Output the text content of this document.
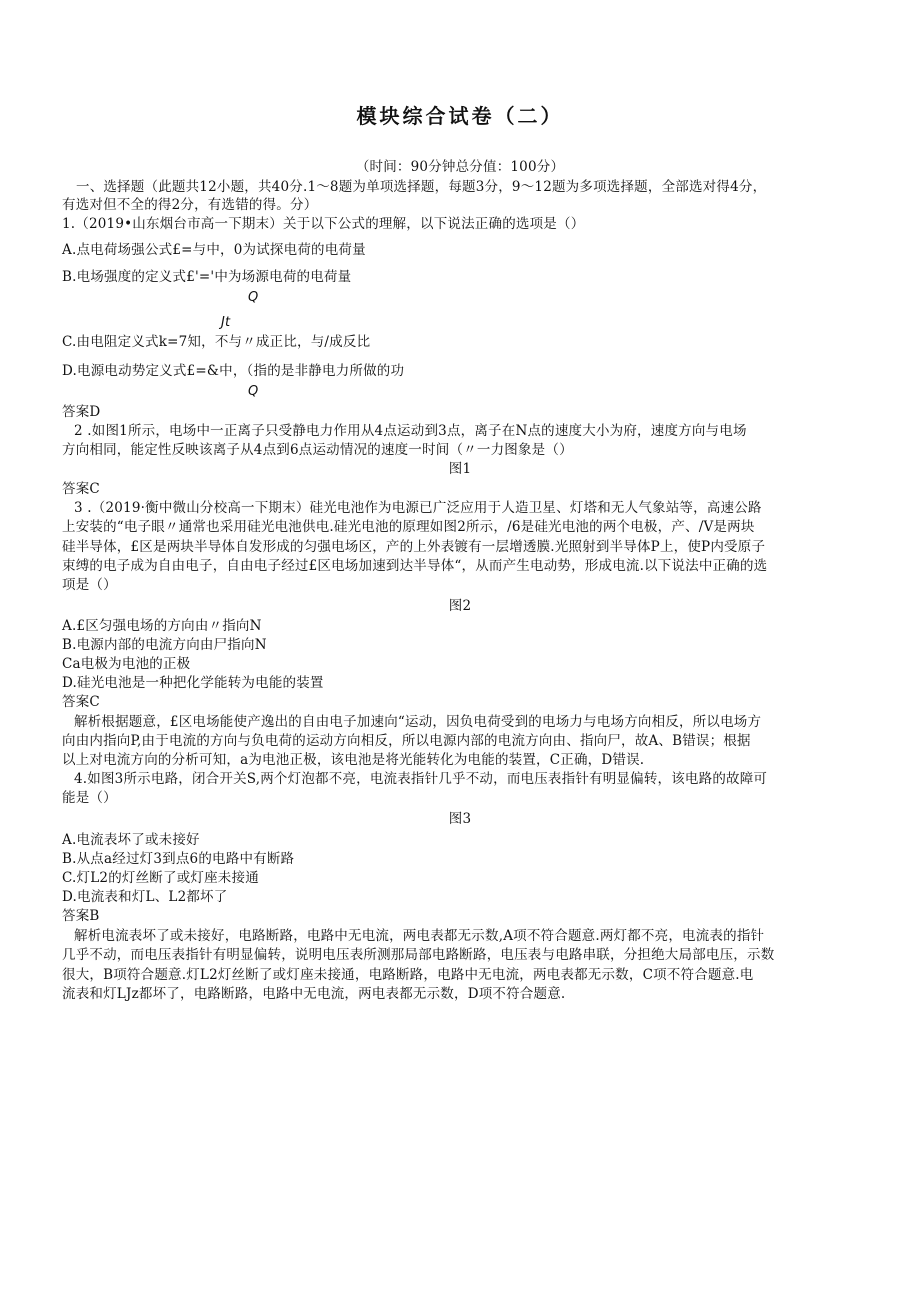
模块综合试卷（二）
（时间：90分钟总分值：100分）
一、选择题（此题共12小题，共40分.1～8题为单项选择题，每题3分，9～12题为多项选择题，全部选对得4分，
有选对但不全的得2分，有选错的得。分）
1.（2019•山东烟台市高一下期末）关于以下公式的理解，以下说法正确的选项是（）
A.点电荷场强公式£=与中，0为试探电荷的电荷量
B.电场强度的定义式£'='中为场源电荷的电荷量
Q
Jt
C.由电阻定义式k=7知，不与〃成正比，与/成反比
D.电源电动势定义式£=&中，（指的是非静电力所做的功
Q
答案D
2 .如图1所示，电场中一正离子只受静电力作用从4点运动到3点，离子在N点的速度大小为府，速度方向与电场
方向相同，能定性反映该离子从4点到6点运动情况的速度一时间（〃一力图象是（）
图1
答案C
3 .（2019·衡中微山分校高一下期末）硅光电池作为电源已广泛应用于人造卫星、灯塔和无人气象站等，高速公路
上安装的“电子眼〃通常也采用硅光电池供电.硅光电池的原理如图2所示，/6是硅光电池的两个电极，产、/V是两块
硅半导体，£区是两块半导体自发形成的匀强电场区，产的上外表镀有一层增透膜.光照射到半导体P上，使P内受原子
束缚的电子成为自由电子，自由电子经过£区电场加速到达半导体“，从而产生电动势，形成电流.以下说法中正确的选
项是（）
图2
A.£区匀强电场的方向由〃指向N
B.电源内部的电流方向由尸指向N
Ca电极为电池的正极
D.硅光电池是一种把化学能转为电能的装置
答案C
解析根据题意，£区电场能使产逸出的自由电子加速向“运动，因负电荷受到的电场力与电场方向相反，所以电场方
向由内指向P,由于电流的方向与负电荷的运动方向相反，所以电源内部的电流方向由、指向尸，故A、B错误；根据
以上对电流方向的分析可知，a为电池正极，该电池是将光能转化为电能的装置，C正确，D错误.
4.如图3所示电路，闭合开关S,两个灯泡都不亮，电流表指针几乎不动，而电压表指针有明显偏转，该电路的故障可
能是（）
图3
A.电流表坏了或未接好
B.从点a经过灯3到点6的电路中有断路
C.灯L2的灯丝断了或灯座未接通
D.电流表和灯L、L2都坏了
答案B
解析电流表坏了或未接好，电路断路，电路中无电流，两电表都无示数,A项不符合题意.两灯都不亮，电流表的指针
几乎不动，而电压表指针有明显偏转，说明电压表所测那局部电路断路，电压表与电路串联，分担绝大局部电压，示数
很大，B项符合题意.灯L2灯丝断了或灯座未接通，电路断路，电路中无电流，两电表都无示数，C项不符合题意.电
流表和灯LJz都坏了，电路断路，电路中无电流，两电表都无示数，D项不符合题意.
